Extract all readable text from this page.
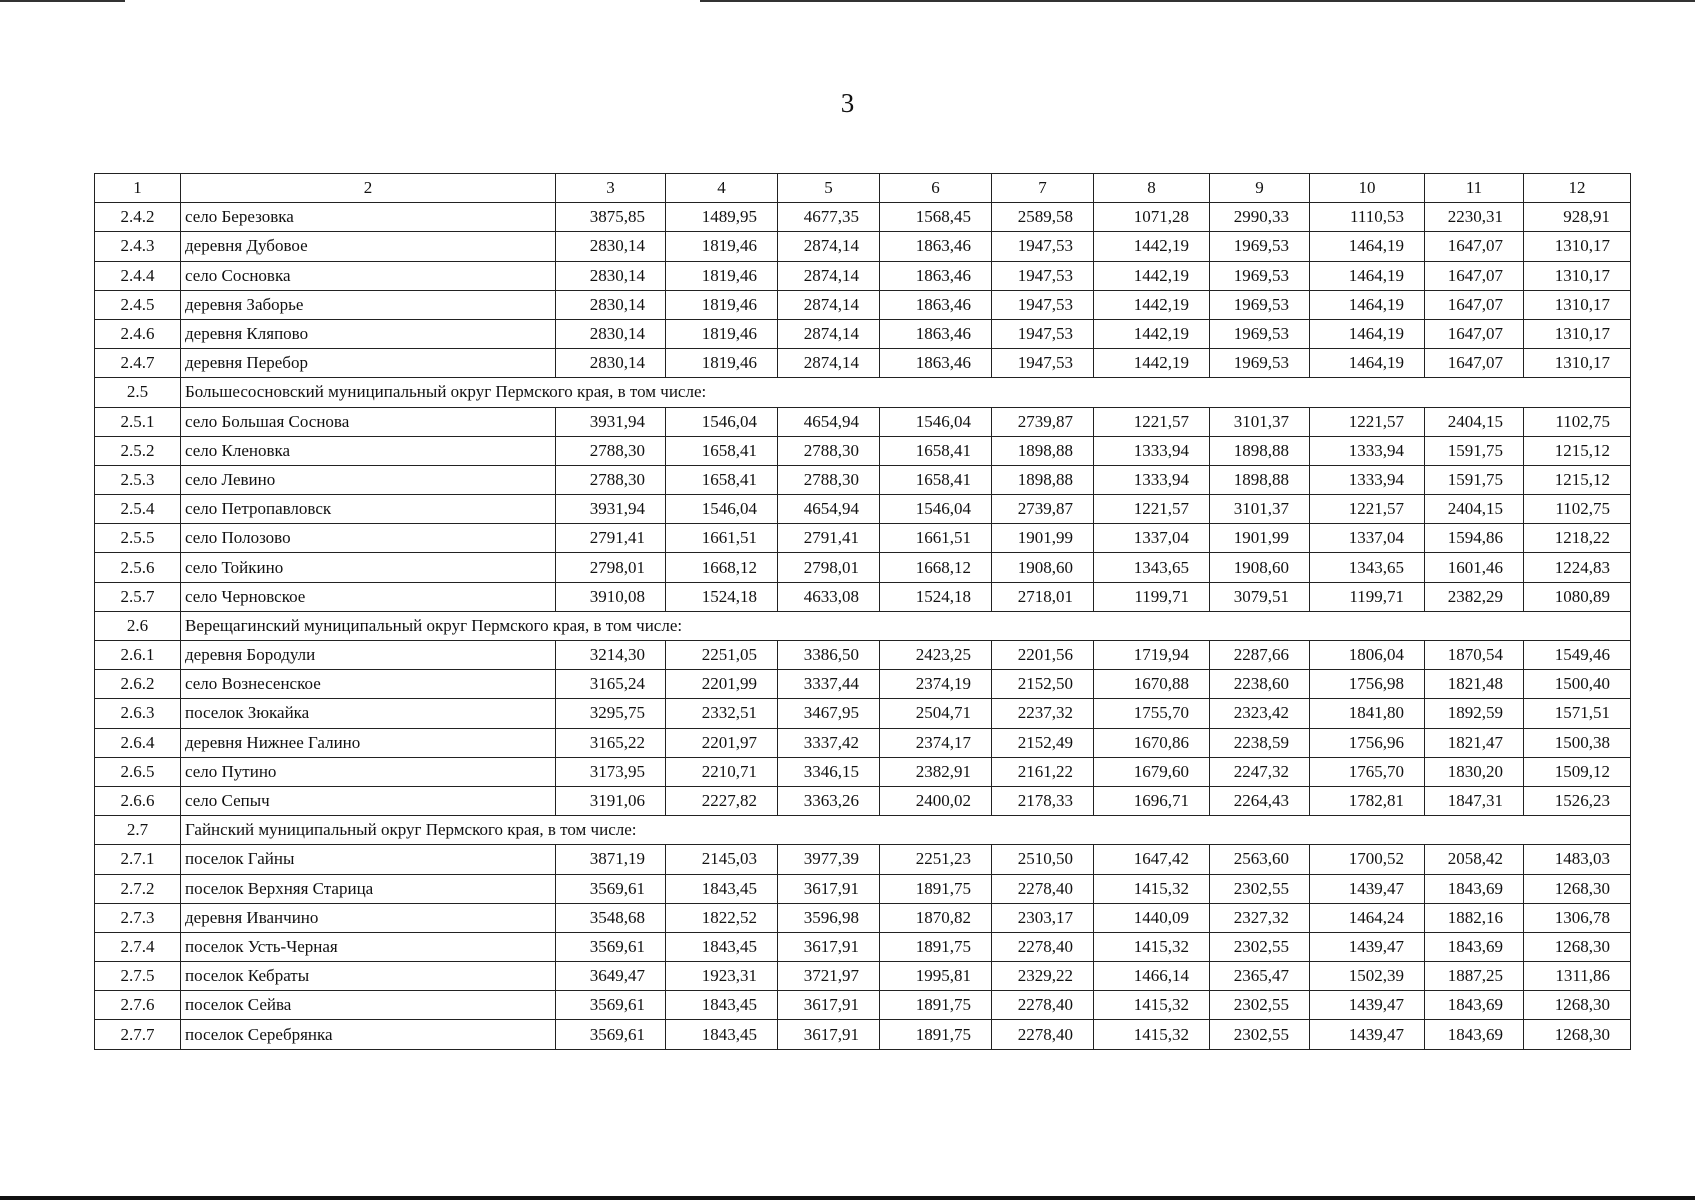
3
1	2	3	4	5	6	7	8	9	10	11	12
2.4.2	село Березовка	3875,85	1489,95	4677,35	1568,45	2589,58	1071,28	2990,33	1110,53	2230,31	928,91
2.4.3	деревня Дубовое	2830,14	1819,46	2874,14	1863,46	1947,53	1442,19	1969,53	1464,19	1647,07	1310,17
2.4.4	село Сосновка	2830,14	1819,46	2874,14	1863,46	1947,53	1442,19	1969,53	1464,19	1647,07	1310,17
2.4.5	деревня Заборье	2830,14	1819,46	2874,14	1863,46	1947,53	1442,19	1969,53	1464,19	1647,07	1310,17
2.4.6	деревня Кляпово	2830,14	1819,46	2874,14	1863,46	1947,53	1442,19	1969,53	1464,19	1647,07	1310,17
2.4.7	деревня Перебор	2830,14	1819,46	2874,14	1863,46	1947,53	1442,19	1969,53	1464,19	1647,07	1310,17
2.5	Большесосновский муниципальный округ Пермского края, в том числе:										
2.5.1	село Большая Соснова	3931,94	1546,04	4654,94	1546,04	2739,87	1221,57	3101,37	1221,57	2404,15	1102,75
2.5.2	село Кленовка	2788,30	1658,41	2788,30	1658,41	1898,88	1333,94	1898,88	1333,94	1591,75	1215,12
2.5.3	село Левино	2788,30	1658,41	2788,30	1658,41	1898,88	1333,94	1898,88	1333,94	1591,75	1215,12
2.5.4	село Петропавловск	3931,94	1546,04	4654,94	1546,04	2739,87	1221,57	3101,37	1221,57	2404,15	1102,75
2.5.5	село Полозово	2791,41	1661,51	2791,41	1661,51	1901,99	1337,04	1901,99	1337,04	1594,86	1218,22
2.5.6	село Тойкино	2798,01	1668,12	2798,01	1668,12	1908,60	1343,65	1908,60	1343,65	1601,46	1224,83
2.5.7	село Черновское	3910,08	1524,18	4633,08	1524,18	2718,01	1199,71	3079,51	1199,71	2382,29	1080,89
2.6	Верещагинский муниципальный округ Пермского края, в том числе:										
2.6.1	деревня Бородули	3214,30	2251,05	3386,50	2423,25	2201,56	1719,94	2287,66	1806,04	1870,54	1549,46
2.6.2	село Вознесенское	3165,24	2201,99	3337,44	2374,19	2152,50	1670,88	2238,60	1756,98	1821,48	1500,40
2.6.3	поселок Зюкайка	3295,75	2332,51	3467,95	2504,71	2237,32	1755,70	2323,42	1841,80	1892,59	1571,51
2.6.4	деревня Нижнее Галино	3165,22	2201,97	3337,42	2374,17	2152,49	1670,86	2238,59	1756,96	1821,47	1500,38
2.6.5	село Путино	3173,95	2210,71	3346,15	2382,91	2161,22	1679,60	2247,32	1765,70	1830,20	1509,12
2.6.6	село Сепыч	3191,06	2227,82	3363,26	2400,02	2178,33	1696,71	2264,43	1782,81	1847,31	1526,23
2.7	Гайнский муниципальный округ Пермского края, в том числе:										
2.7.1	поселок Гайны	3871,19	2145,03	3977,39	2251,23	2510,50	1647,42	2563,60	1700,52	2058,42	1483,03
2.7.2	поселок Верхняя Старица	3569,61	1843,45	3617,91	1891,75	2278,40	1415,32	2302,55	1439,47	1843,69	1268,30
2.7.3	деревня Иванчино	3548,68	1822,52	3596,98	1870,82	2303,17	1440,09	2327,32	1464,24	1882,16	1306,78
2.7.4	поселок Усть-Черная	3569,61	1843,45	3617,91	1891,75	2278,40	1415,32	2302,55	1439,47	1843,69	1268,30
2.7.5	поселок Кебраты	3649,47	1923,31	3721,97	1995,81	2329,22	1466,14	2365,47	1502,39	1887,25	1311,86
2.7.6	поселок Сейва	3569,61	1843,45	3617,91	1891,75	2278,40	1415,32	2302,55	1439,47	1843,69	1268,30
2.7.7	поселок Серебрянка	3569,61	1843,45	3617,91	1891,75	2278,40	1415,32	2302,55	1439,47	1843,69	1268,30
